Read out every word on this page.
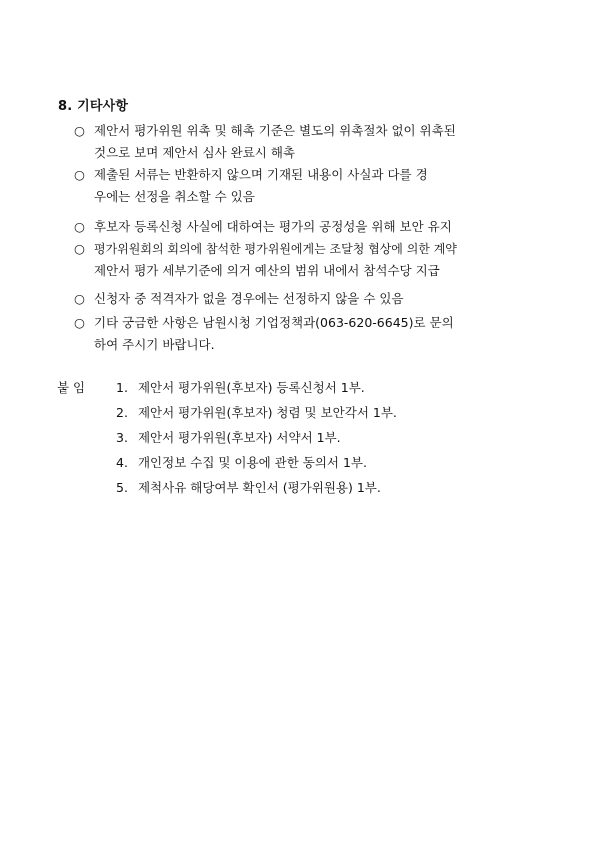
8. 기타사항
○ 제안서 평가위원 위촉 및 해촉 기준은 별도의 위촉절차 없이 위촉된
것으로 보며 제안서 심사 완료시 해촉
○ 제출된 서류는 반환하지 않으며 기재된 내용이 사실과 다를 경
우에는 선정을 취소할 수 있음
○ 후보자 등록신청 사실에 대하여는 평가의 공정성을 위해 보안 유지
○ 평가위원회의 회의에 참석한 평가위원에게는 조달청 협상에 의한 계약
제안서 평가 세부기준에 의거 예산의 범위 내에서 참석수당 지급
○ 신청자 중 적격자가 없을 경우에는 선정하지 않을 수 있음
○ 기타 궁금한 사항은 남원시청 기업정책과(063-620-6645)로 문의
하여 주시기 바랍니다.
붙 임 1. 제안서 평가위원(후보자) 등록신청서 1부.
2. 제안서 평가위원(후보자) 청렴 및 보안각서 1부.
3. 제안서 평가위원(후보자) 서약서 1부.
4. 개인정보 수집 및 이용에 관한 동의서 1부.
5. 제척사유 해당여부 확인서 (평가위원용) 1부.
